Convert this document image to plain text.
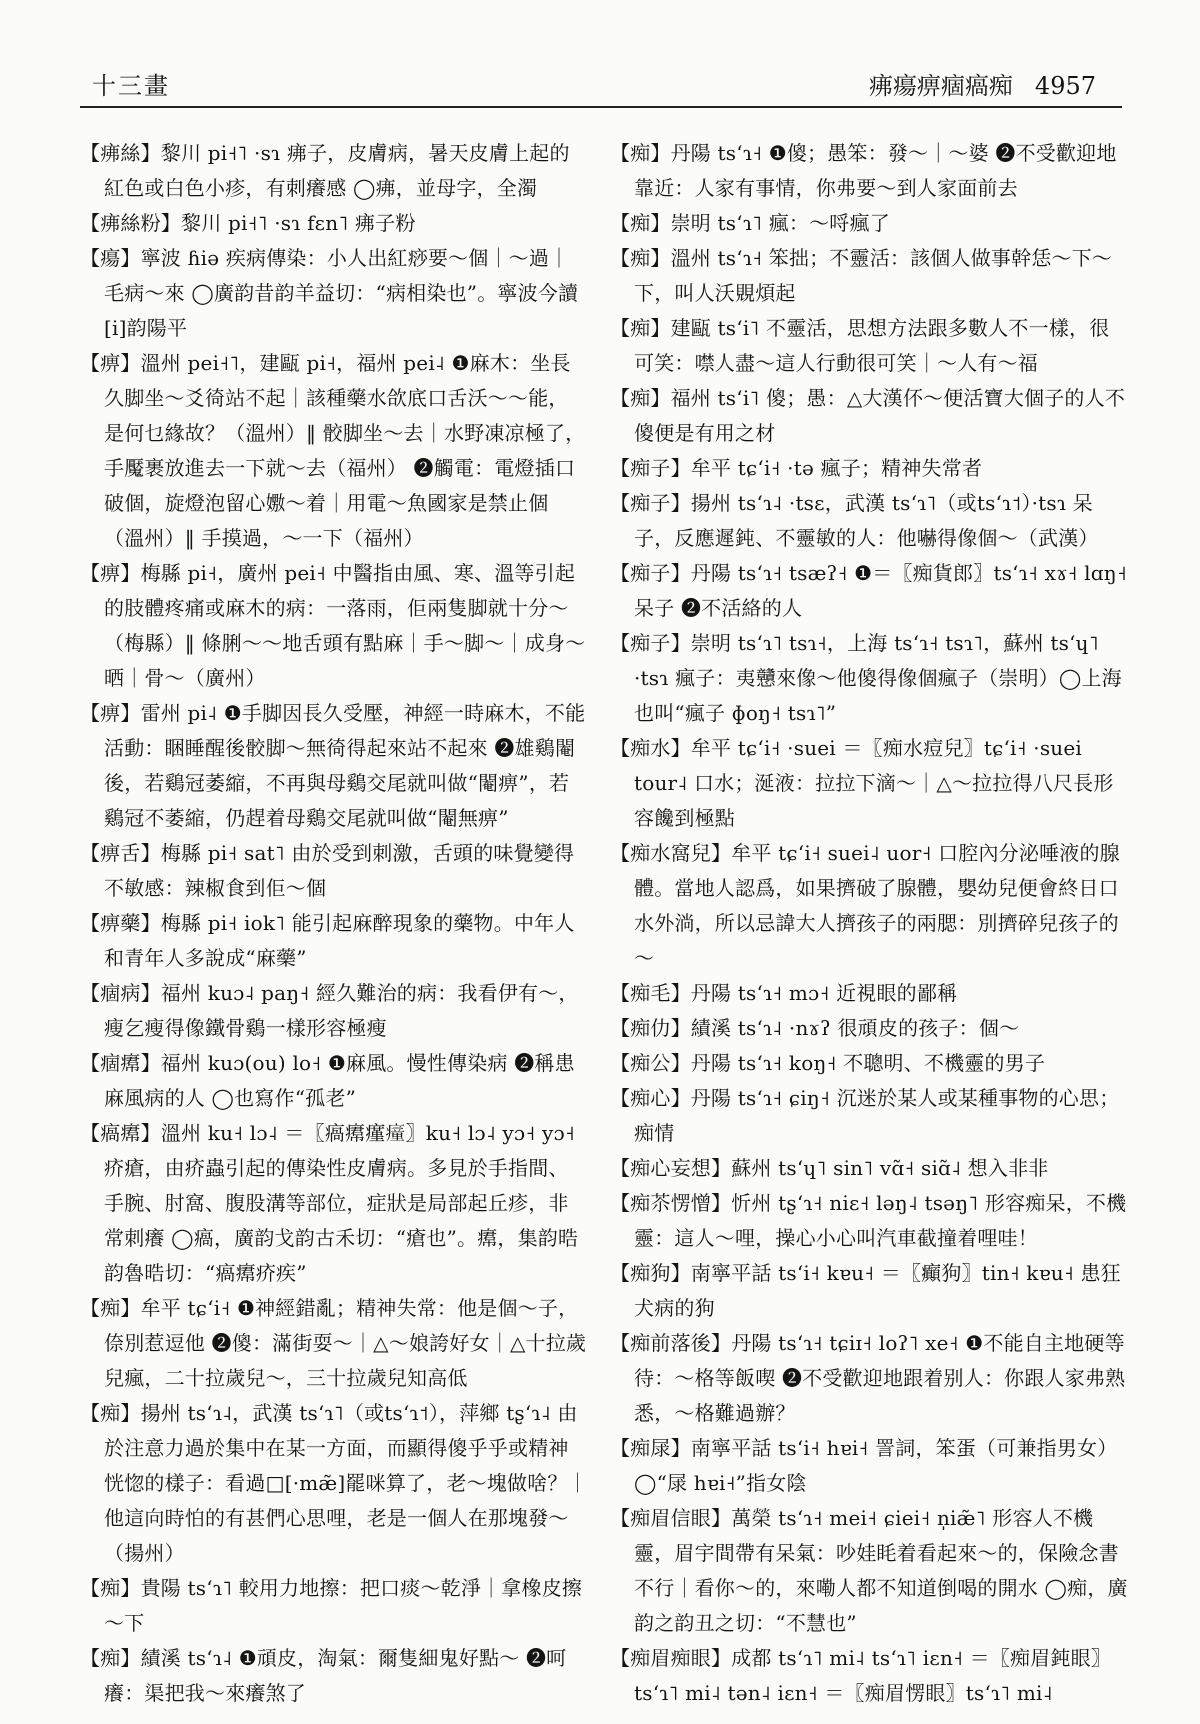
十三畫	疿瘍痹痼瘑痴 4957
【疿絲】黎川 pi˧˥ ·sɿ 疿子，皮膚病，暑天皮膚上起的紅色或白色小疹，有刺癢感 ◯疿，並母字，全濁
【疿絲粉】黎川 pi˧˥ ·sɿ fɛn˥ 疿子粉
【瘍】寧波 ɦiə 疾病傳染：小人出紅痧要～個｜～過｜毛病～來 ◯廣韵昔韵羊益切：“病相染也”。寧波今讀[i]韵陽平
【痹】溫州 pei˧˥，建甌 pi˧，福州 pei˨ ❶麻木：坐長久脚坐～爻徛站不起｜該種藥水欱底口舌沃～～能，是何乜緣故？（溫州）‖ 骹脚坐～去｜水野凍凉極了，手魘裹放進去一下就～去（福州） ❷觸電：電燈插口破個，旋燈泡留心嫐～着｜用電～魚國家是禁止個（溫州）‖ 手摸過，～一下（福州）
【痹】梅縣 pi˧，廣州 pei˧ 中醫指由風、寒、溫等引起的肢體疼痛或麻木的病：一落雨，佢兩隻脚就十分～（梅縣）‖ 條脷～～地舌頭有點麻｜手～脚～｜成身～晒｜骨～（廣州）
【痹】雷州 pi˨ ❶手脚因長久受壓，神經一時麻木，不能活動：睏睡醒後骹脚～無徛得起來站不起來 ❷雄鷄閹後，若鷄冠萎縮，不再與母鷄交尾就叫做“閹痹”，若鷄冠不萎縮，仍趕着母鷄交尾就叫做“閹無痹”
【痹舌】梅縣 pi˧ sat˥ 由於受到刺激，舌頭的味覺變得不敏感：辣椒食到佢～個
【痹藥】梅縣 pi˧ iok˥ 能引起麻醉現象的藥物。中年人和青年人多說成“麻藥”
【痼病】福州 kuɔ˨ paŋ˧ 經久難治的病：我看伊有～，瘦乞瘦得像鐵骨鷄一樣形容極瘦
【痼𤸷】福州 kuɔ(ou) lo˧ ❶麻風。慢性傳染病 ❷稱患麻風病的人 ◯也寫作“孤老”
【瘑𤸷】溫州 ku˧ lɔ˨ ＝〖瘑𤸷瘽𤺄〗ku˧ lɔ˨ yɔ˧ yɔ˧ 疥瘡，由疥蟲引起的傳染性皮膚病。多見於手指間、手腕、肘窩、腹股溝等部位，症狀是局部起丘疹，非常刺癢 ◯瘑，廣韵戈韵古禾切：“瘡也”。𤸷，集韵晧韵魯晧切：“瘑𤸷疥疾”
【痴】牟平 tɕʻi˧ ❶神經錯亂；精神失常：他是個～子，倷別惹逗他 ❷傻：滿街耍～｜△～娘誇好女｜△十拉歲兒瘋，二十拉歲兒～，三十拉歲兒知高低
【痴】揚州 tsʻɿ˨，武漢 tsʻɿ˥（或tsʻɿ˦），萍鄉 tʂʻɿ˨ 由於注意力過於集中在某一方面，而顯得傻乎乎或精神恍惚的樣子：看過□[·mæ̃]罷咪算了，老～塊做啥？｜他這向時怕的有甚們心思哩，老是一個人在那塊發～（揚州）
【痴】貴陽 tsʻɿ˥ 較用力地擦：把口痰～乾淨｜拿橡皮擦～下
【痴】績溪 tsʻɿ˨ ❶頑皮，淘氣：爾隻細鬼好點～ ❷呵癢：渠把我～來癢煞了
【痴】丹陽 tsʻɿ˧ ❶傻；愚笨：發～｜～婆 ❷不受歡迎地靠近：人家有事情，你弗要～到人家面前去
【痴】崇明 tsʻɿ˥ 瘋：～哷瘋了
【痴】溫州 tsʻɿ˧ 笨拙；不靈活：該個人做事幹恁～下～下，叫人沃覞煩起
【痴】建甌 tsʻi˥ 不靈活，思想方法跟多數人不一樣，很可笑：噤人盡～這人行動很可笑｜～人有～福
【痴】福州 tsʻi˥ 傻；愚：△大漢伓～便活寶大個子的人不傻便是有用之材
【痴子】牟平 tɕʻi˧ ·tə 瘋子；精神失常者
【痴子】揚州 tsʻɿ˨ ·tsɛ，武漢 tsʻɿ˥（或tsʻɿ˦）·tsɿ 呆子，反應遲鈍、不靈敏的人：他嚇得像個～（武漢）
【痴子】丹陽 tsʻɿ˧ tsæʔ˧ ❶＝〖痴貨郎〗tsʻɿ˧ xɤ˧ lɑŋ˧ 呆子 ❷不活絡的人
【痴子】崇明 tsʻɿ˥ tsɿ˧，上海 tsʻɿ˧ tsɿ˥，蘇州 tsʻɥ˥ ·tsɿ 瘋子：夷戇來像～他傻得像個瘋子（崇明）◯上海也叫“瘋子 ɸoŋ˧ tsɿ˥”
【痴水】牟平 tɕʻi˧ ·suei ＝〖痴水痘兒〗tɕʻi˧ ·suei tour˨ 口水；涎液：拉拉下滴～｜△～拉拉得八尺長形容饞到極點
【痴水窩兒】牟平 tɕʻi˧ suei˨ uor˧ 口腔內分泌唾液的腺體。當地人認爲，如果擠破了腺體，嬰幼兒便會終日口水外淌，所以忌諱大人擠孩子的兩腮：別擠碎兒孩子的～
【痴毛】丹陽 tsʻɿ˧ mɔ˧ 近視眼的鄙稱
【痴仂】績溪 tsʻɿ˨ ·nɤʔ 很頑皮的孩子：個～
【痴公】丹陽 tsʻɿ˧ koŋ˧ 不聰明、不機靈的男子
【痴心】丹陽 tsʻɿ˧ ɕiŋ˧ 沉迷於某人或某種事物的心思；痴情
【痴心妄想】蘇州 tsʻɥ˥ sin˥ vɑ̃˧ siɑ̃˨ 想入非非
【痴苶愣憎】忻州 tʂʻɿ˧ niɛ˧ ləŋ˨ tsəŋ˥ 形容痴呆，不機靈：這人～哩，操心小心叫汽車截撞着哩哇！
【痴狗】南寧平話 tsʻi˧ kɐu˧ ＝〖癲狗〗tin˧ kɐu˧ 患狂犬病的狗
【痴前落後】丹陽 tsʻɿ˧ tɕiɪ˧ loʔ˥ xe˧ ❶不能自主地硬等待：～格等飯喫 ❷不受歡迎地跟着别人：你跟人家弗熟悉，～格難過辦？
【痴㞗】南寧平話 tsʻi˧ hɐi˧ 詈詞，笨蛋（可兼指男女）◯“㞗 hɐi˧”指女陰
【痴眉信眼】萬榮 tsʻɿ˧ mei˧ ɕiei˧ n̩iæ̃˥ 形容人不機靈，眉宇間帶有呆氣：吵娃眊着看起來～的，保險念書不行｜看你～的，來嘞人都不知道倒喝的開水 ◯痴，廣韵之韵丑之切：“不慧也”
【痴眉痴眼】成都 tsʻɿ˥ mi˨ tsʻɿ˥ iɛn˧ ＝〖痴眉鈍眼〗tsʻɿ˥ mi˨ tən˨ iɛn˧ ＝〖痴眉愣眼〗tsʻɿ˥ mi˨
